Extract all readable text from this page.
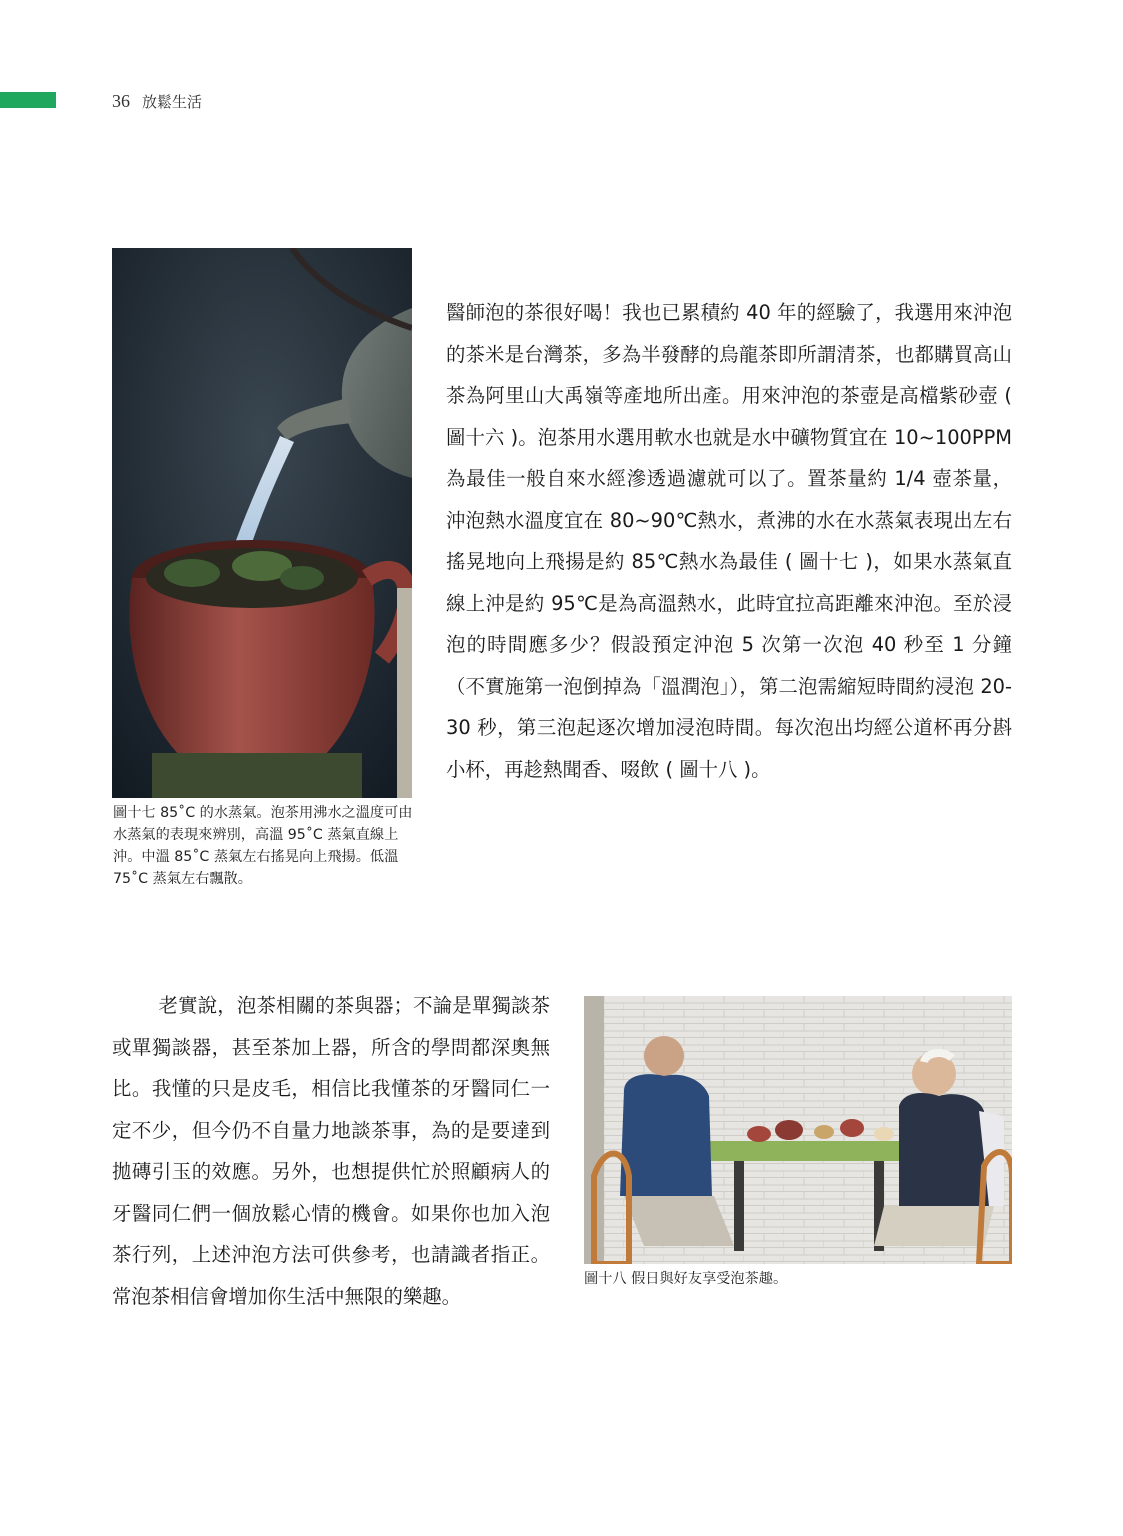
36 放鬆生活
圖十七 85˚C 的水蒸氣。泡茶用沸水之溫度可由水蒸氣的表現來辨別，高溫 95˚C 蒸氣直線上沖。中溫 85˚C 蒸氣左右搖晃向上飛揚。低溫 75˚C 蒸氣左右飄散。
醫師泡的茶很好喝！我也已累積約 40 年的經驗了，我選用來沖泡的茶米是台灣茶，多為半發酵的烏龍茶即所謂清茶，也都購買高山茶為阿里山大禹嶺等產地所出產。用來沖泡的茶壺是高檔紫砂壺 ( 圖十六 )。泡茶用水選用軟水也就是水中礦物質宜在 10~100PPM 為最佳一般自來水經滲透過濾就可以了。置茶量約 1/4 壺茶量，沖泡熱水溫度宜在 80~90℃熱水，煮沸的水在水蒸氣表現出左右搖晃地向上飛揚是約 85℃熱水為最佳 ( 圖十七 )，如果水蒸氣直線上沖是約 95℃是為高溫熱水，此時宜拉高距離來沖泡。至於浸泡的時間應多少？假設預定沖泡 5 次第一次泡 40 秒至 1 分鐘（不實施第一泡倒掉為「溫潤泡」），第二泡需縮短時間約浸泡 20-30 秒，第三泡起逐次增加浸泡時間。每次泡出均經公道杯再分斟小杯，再趁熱聞香、啜飲 ( 圖十八 )。
老實說，泡茶相關的茶與器；不論是單獨談茶或單獨談器，甚至茶加上器，所含的學問都深奧無比。我懂的只是皮毛，相信比我懂茶的牙醫同仁一定不少，但今仍不自量力地談茶事，為的是要達到拋磚引玉的效應。另外，也想提供忙於照顧病人的牙醫同仁們一個放鬆心情的機會。如果你也加入泡茶行列，上述沖泡方法可供參考，也請識者指正。常泡茶相信會增加你生活中無限的樂趣。
圖十八 假日與好友享受泡茶趣。
